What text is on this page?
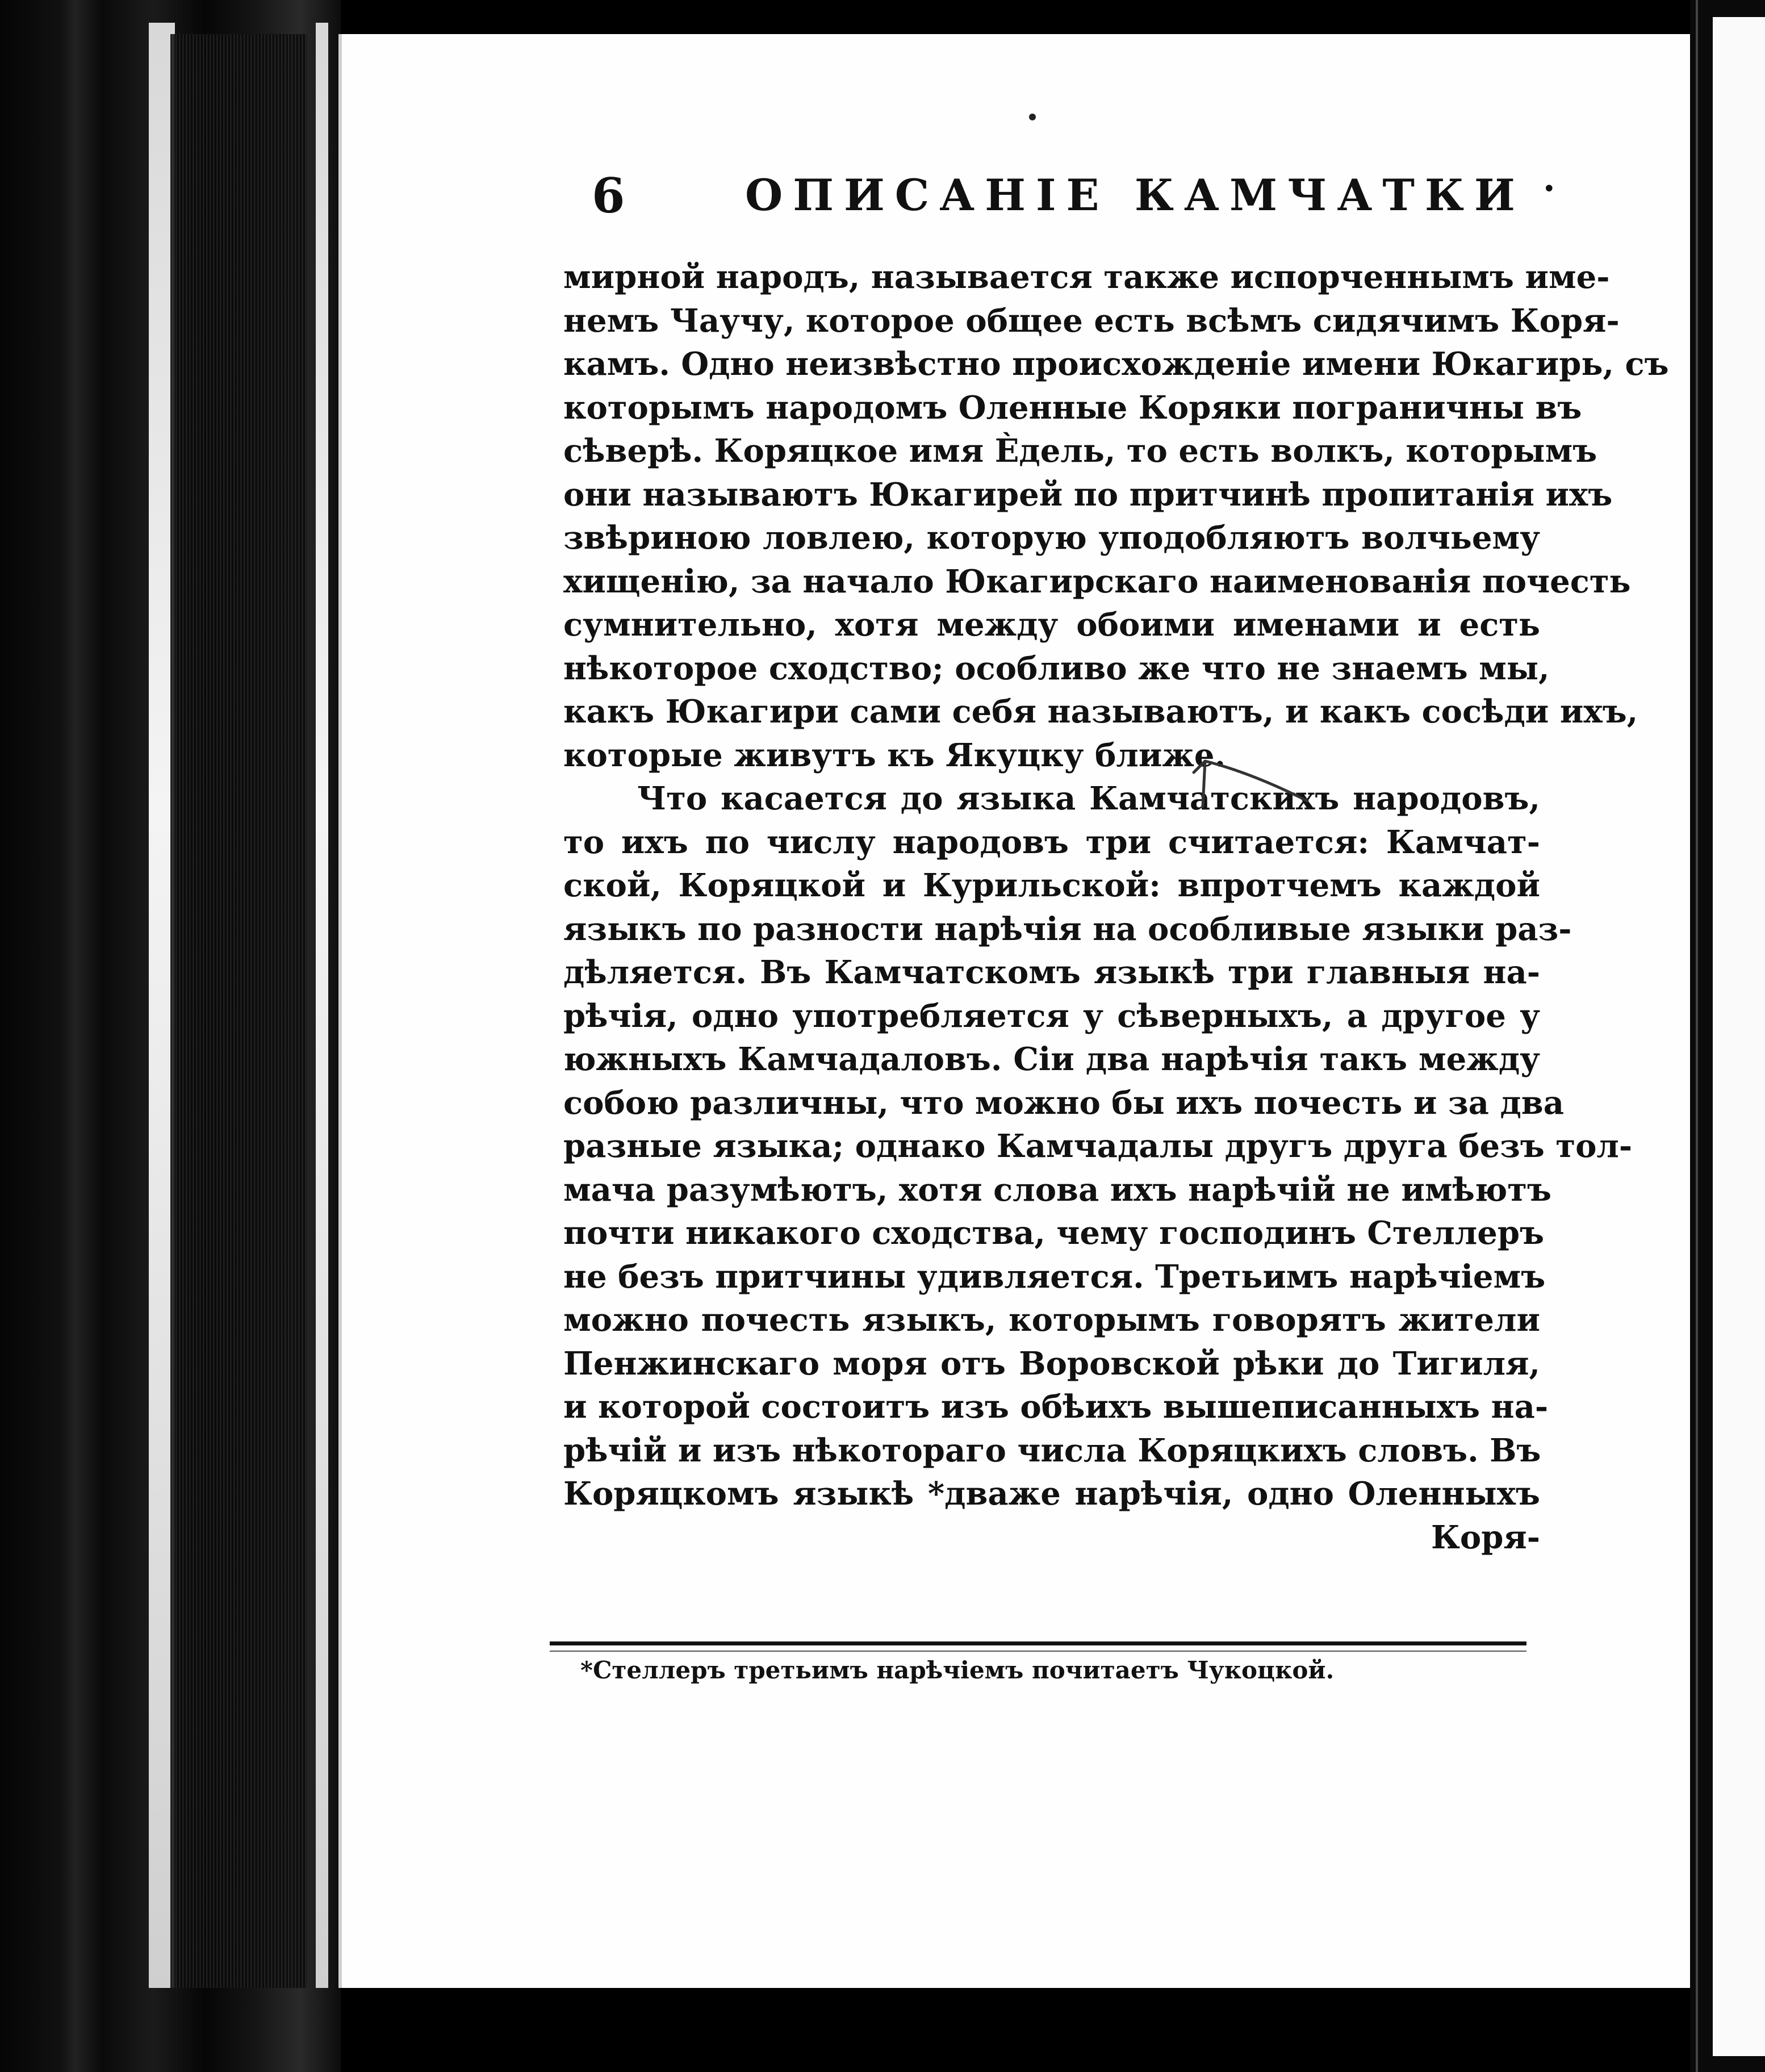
6	ОПИСАНІЕ КАМЧАТКИ •
мирной народъ, называется также испорченнымъ име-
немъ Чаучу, которое общее есть всѣмъ сидячимъ Коря-
камъ. Одно неизвѣстно происхожденіе имени Юкагирь, съ
которымъ народомъ Оленные Коряки пограничны въ
сѣверѣ. Коряцкое имя Ѐдель, то есть волкъ, которымъ
они называютъ Юкагирей по притчинѣ пропитанія ихъ
звѣриною ловлею, которую уподобляютъ волчьему
хищенію, за начало Юкагирскаго наименованія почесть
сумнительно, хотя между обоими именами и есть
нѣкоторое сходство; особливо же что не знаемъ мы,
какъ Юкагири сами себя называютъ, и какъ сосѣди ихъ,
которые живутъ къ Якуцку ближе.
Что касается до языка Камчатскихъ народовъ,
то ихъ по числу народовъ три считается: Камчат-
ской, Коряцкой и Курильской: впротчемъ каждой
языкъ по разности нарѣчія на особливые языки раз-
дѣляется. Въ Камчатскомъ языкѣ три главныя на-
рѣчія, одно употребляется у сѣверныхъ, а другое у
южныхъ Камчадаловъ. Сіи два нарѣчія такъ между
собою различны, что можно бы ихъ почесть и за два
разные языка; однако Камчадалы другъ друга безъ тол-
мача разумѣютъ, хотя слова ихъ нарѣчій не имѣютъ
почти никакого сходства, чему господинъ Стеллеръ
не безъ притчины удивляется. Третьимъ нарѣчіемъ
можно почесть языкъ, которымъ говорятъ жители
Пенжинскаго моря отъ Воровской рѣки до Тигиля,
и которой состоитъ изъ обѣихъ вышеписанныхъ на-
рѣчій и изъ нѣкотораго числа Коряцкихъ словъ. Въ
Коряцкомъ языкѣ *дваже нарѣчія, одно Оленныхъ
Коря-
*Стеллеръ третьимъ нарѣчіемъ почитаетъ Чукоцкой.
